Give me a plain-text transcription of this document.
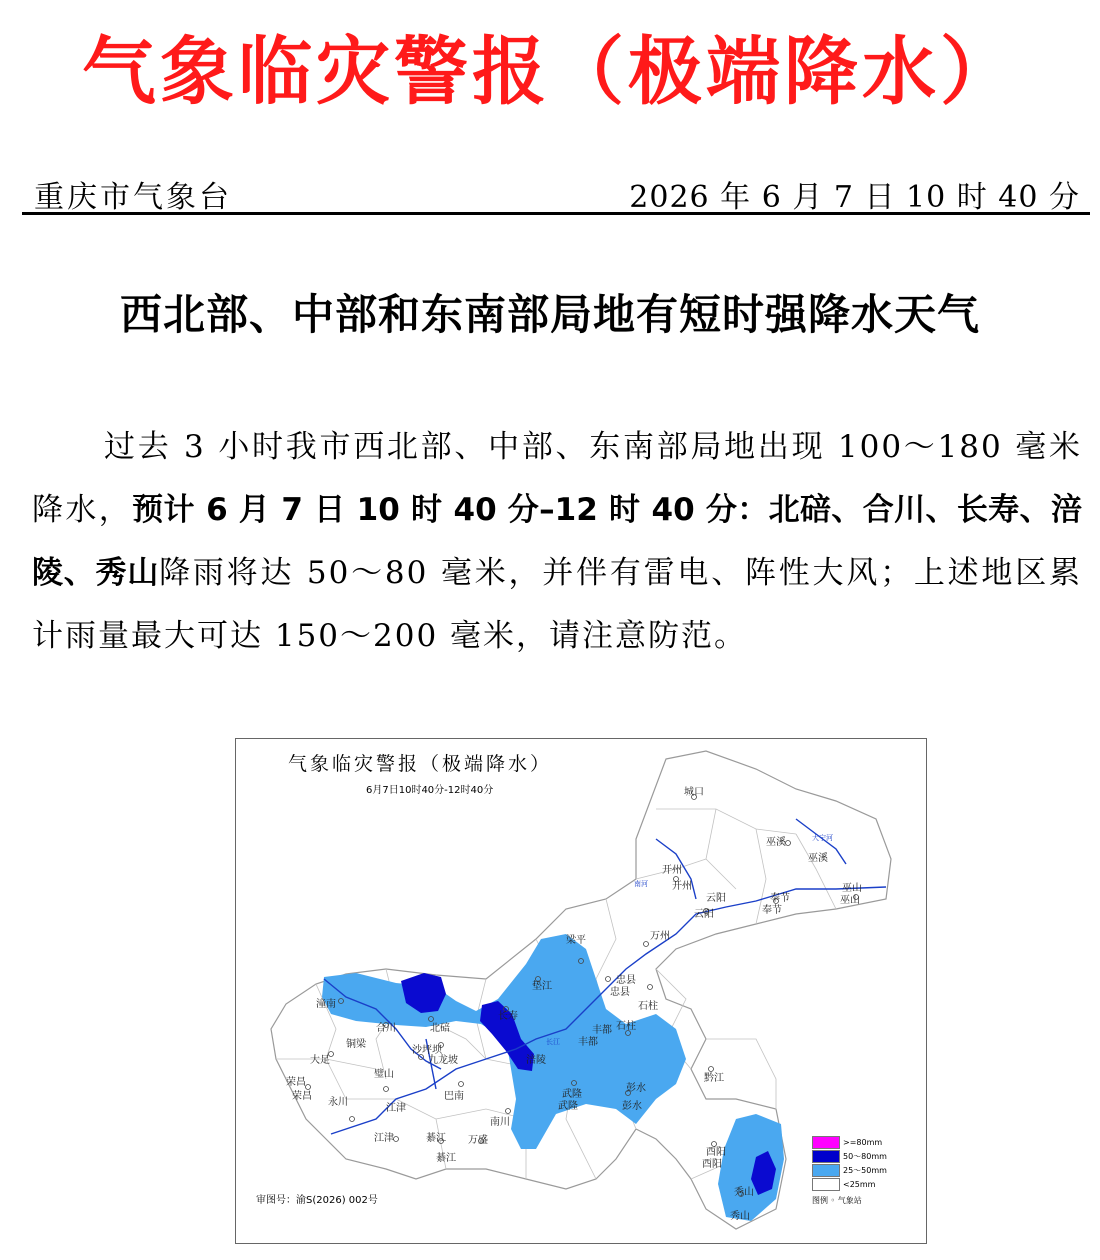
气象临灾警报（极端降水）
重庆市气象台	2026 年 6 月 7 日 10 时 40 分
西北部、中部和东南部局地有短时强降水天气
过去 3 小时我市西北部、中部、东南部局地出现 100～180 毫米降水，预计 6 月 7 日 10 时 40 分–12 时 40 分：北碚、合川、长寿、涪陵、秀山降雨将达 50～80 毫米，并伴有雷电、阵性大风；上述地区累计雨量最大可达 150～200 毫米，请注意防范。
气象临灾警报（极端降水）
6月7日10时40分-12时40分	城口
巫溪
巫溪
开州
开州
云阳
云阳
奉节
奉节
巫山
巫山
万州
梁平
忠县
忠县
石柱
石柱
垫江
长寿
丰都
丰都
涪陵
潼南
合川	北碚
铜梁
大足
荣昌
荣昌
永川
璧山
沙坪坝
九龙坡
巴南
江津
江津	綦江
綦江
万盛
南川
武隆
武隆
彭水
彭水
黔江
酉阳
酉阳
秀山
秀山
大宁河
南河
长江
审图号：渝S(2026) 002号
>=80mm
50～80mm
25～50mm
<25mm
图例 ◦ 气象站
